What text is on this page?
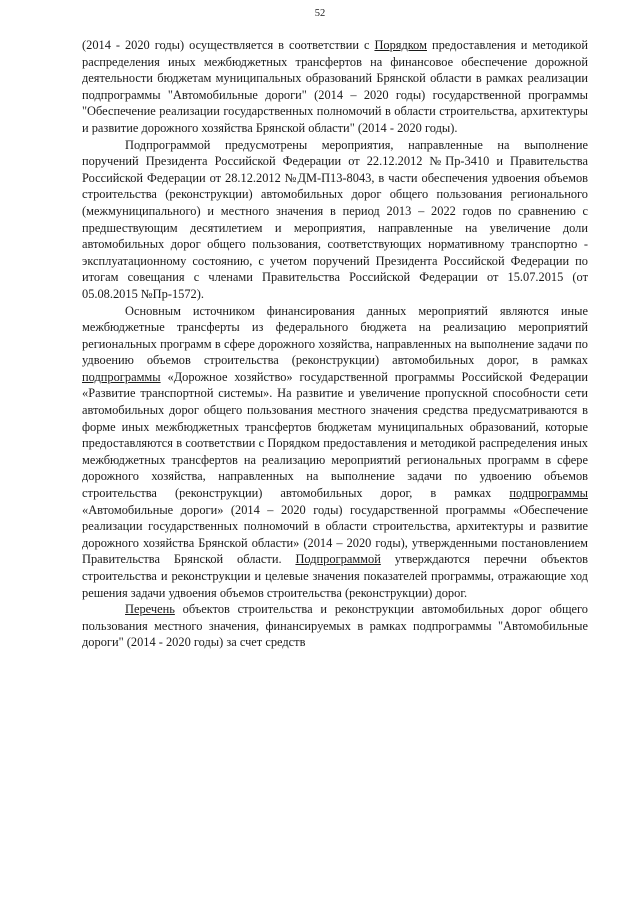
52

(2014 - 2020 годы) осуществляется в соответствии с Порядком предоставления и методикой распределения иных межбюджетных трансфертов на финансовое обеспечение дорожной деятельности бюджетам муниципальных образований Брянской области в рамках реализации подпрограммы "Автомобильные дороги" (2014 – 2020 годы) государственной программы "Обеспечение реализации государственных полномочий в области строительства, архитектуры и развитие дорожного хозяйства Брянской области" (2014 - 2020 годы).

Подпрограммой предусмотрены мероприятия, направленные на выполнение поручений Президента Российской Федерации от 22.12.2012 №Пр-3410 и Правительства Российской Федерации от 28.12.2012 №ДМ-П13-8043, в части обеспечения удвоения объемов строительства (реконструкции) автомобильных дорог общего пользования регионального (межмуниципального) и местного значения в период 2013 – 2022 годов по сравнению с предшествующим десятилетием и мероприятия, направленные на увеличение доли автомобильных дорог общего пользования, соответствующих нормативному транспортно - эксплуатационному состоянию, с учетом поручений Президента Российской Федерации по итогам совещания с членами Правительства Российской Федерации от 15.07.2015 (от 05.08.2015 №Пр-1572).

Основным источником финансирования данных мероприятий являются иные межбюджетные трансферты из федерального бюджета на реализацию мероприятий региональных программ в сфере дорожного хозяйства, направленных на выполнение задачи по удвоению объемов строительства (реконструкции) автомобильных дорог, в рамках подпрограммы «Дорожное хозяйство» государственной программы Российской Федерации «Развитие транспортной системы». На развитие и увеличение пропускной способности сети автомобильных дорог общего пользования местного значения средства предусматриваются в форме иных межбюджетных трансфертов бюджетам муниципальных образований, которые предоставляются в соответствии с Порядком предоставления и методикой распределения иных межбюджетных трансфертов на реализацию мероприятий региональных программ в сфере дорожного хозяйства, направленных на выполнение задачи по удвоению объемов строительства (реконструкции) автомобильных дорог, в рамках подпрограммы «Автомобильные дороги» (2014 – 2020 годы) государственной программы «Обеспечение реализации государственных полномочий в области строительства, архитектуры и развитие дорожного хозяйства Брянской области» (2014 – 2020 годы), утвержденными постановлением Правительства Брянской области. Подпрограммой утверждаются перечни объектов строительства и реконструкции и целевые значения показателей программы, отражающие ход решения задачи удвоения объемов строительства (реконструкции) дорог.

Перечень объектов строительства и реконструкции автомобильных дорог общего пользования местного значения, финансируемых в рамках подпрограммы "Автомобильные дороги" (2014 - 2020 годы) за счет средств
